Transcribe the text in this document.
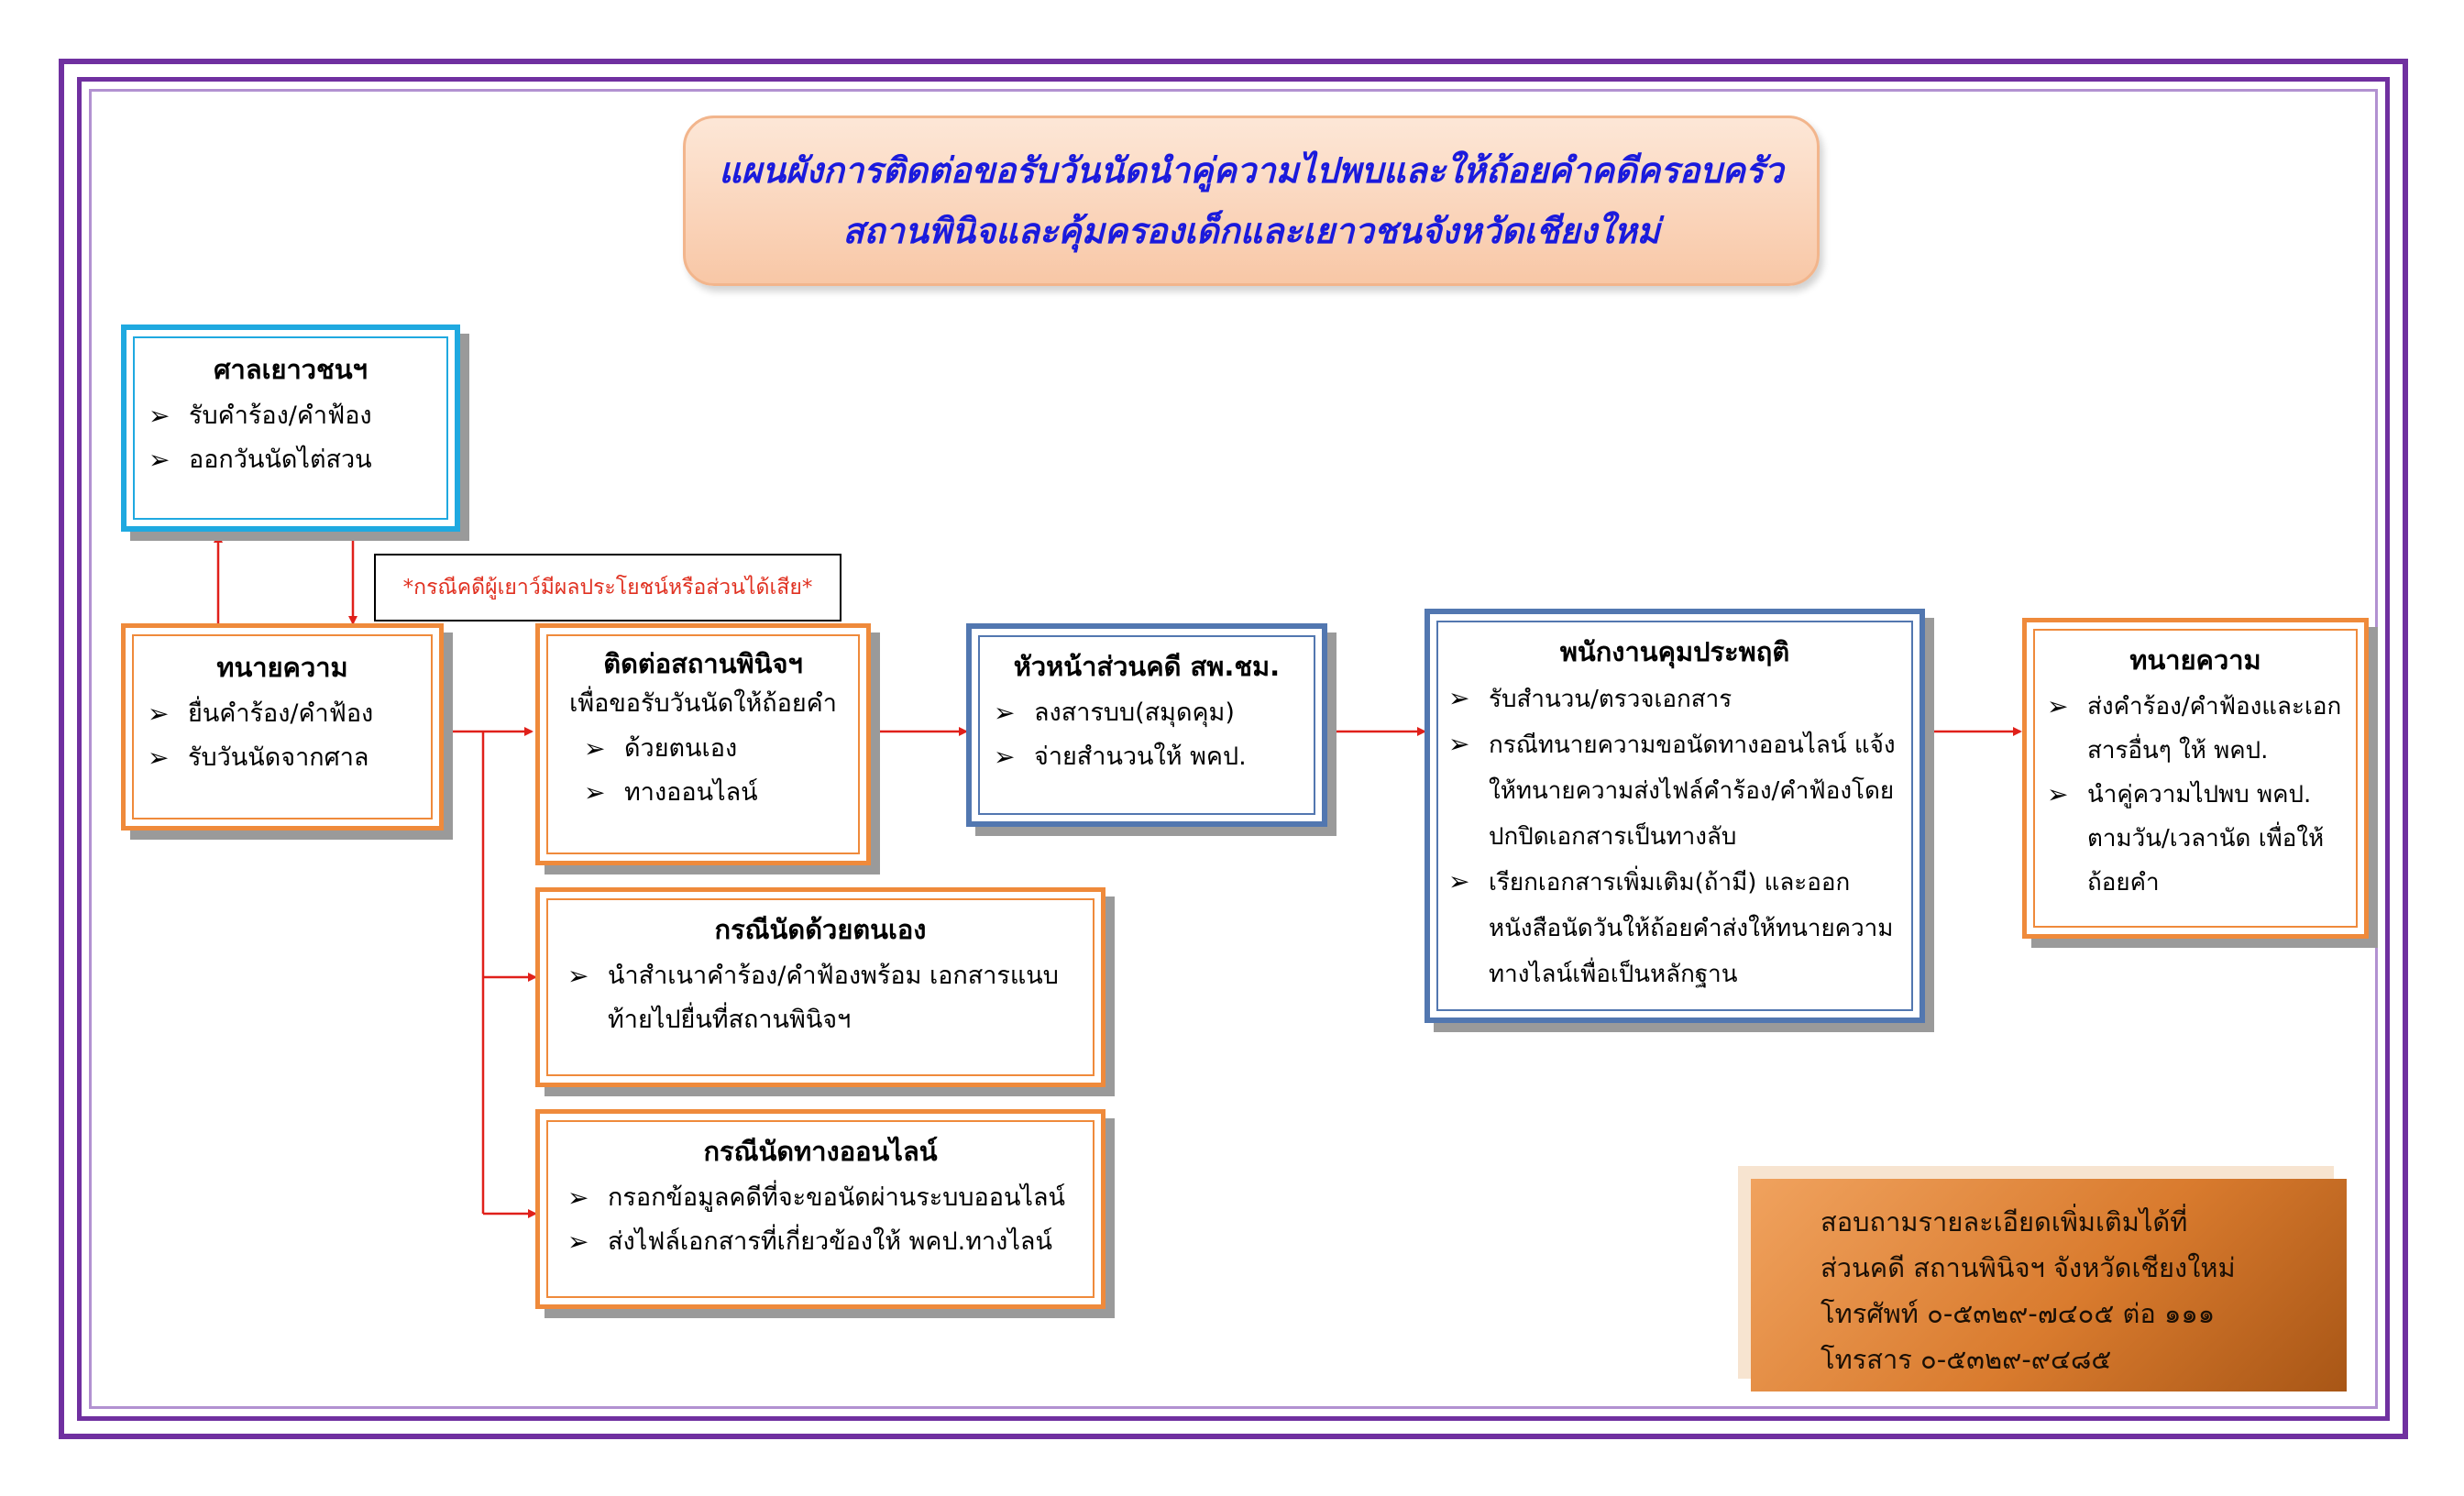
แผนผังการติดต่อขอรับวันนัดนำคู่ความไปพบและให้ถ้อยคำคดีครอบครัว
สถานพินิจและคุ้มครองเด็กและเยาวชนจังหวัดเชียงใหม่
ศาลเยาวชนฯ
➢ รับคำร้อง/คำฟ้อง
➢ ออกวันนัดไต่สวน
*กรณีคดีผู้เยาว์มีผลประโยชน์หรือส่วนได้เสีย*
ทนายความ
➢ ยื่นคำร้อง/คำฟ้อง
➢ รับวันนัดจากศาล
ติดต่อสถานพินิจฯ
เพื่อขอรับวันนัดให้ถ้อยคำ
➢ ด้วยตนเอง
➢ ทางออนไลน์
กรณีนัดด้วยตนเอง
➢ นำสำเนาคำร้อง/คำฟ้องพร้อม เอกสารแนบท้ายไปยื่นที่สถานพินิจฯ
กรณีนัดทางออนไลน์
➢ กรอกข้อมูลคดีที่จะขอนัดผ่านระบบออนไลน์
➢ ส่งไฟล์เอกสารที่เกี่ยวข้องให้ พคป.ทางไลน์
หัวหน้าส่วนคดี สพ.ชม.
➢ ลงสารบบ(สมุดคุม)
➢ จ่ายสำนวนให้ พคป.
พนักงานคุมประพฤติ
➢ รับสำนวน/ตรวจเอกสาร
➢ กรณีทนายความขอนัดทางออนไลน์ แจ้งให้ทนายความส่งไฟล์คำร้อง/คำฟ้องโดยปกปิดเอกสารเป็นทางลับ
➢ เรียกเอกสารเพิ่มเติม(ถ้ามี) และออกหนังสือนัดวันให้ถ้อยคำส่งให้ทนายความทางไลน์เพื่อเป็นหลักฐาน
ทนายความ
➢ ส่งคำร้อง/คำฟ้องและเอกสารอื่นๆ ให้ พคป.
➢ นำคู่ความไปพบ พคป. ตามวัน/เวลานัด เพื่อให้ถ้อยคำ
สอบถามรายละเอียดเพิ่มเติมได้ที่
ส่วนคดี สถานพินิจฯ จังหวัดเชียงใหม่
โทรศัพท์ ๐-๕๓๒๙-๗๔๐๕ ต่อ ๑๑๑
โทรสาร ๐-๕๓๒๙-๙๔๘๕
